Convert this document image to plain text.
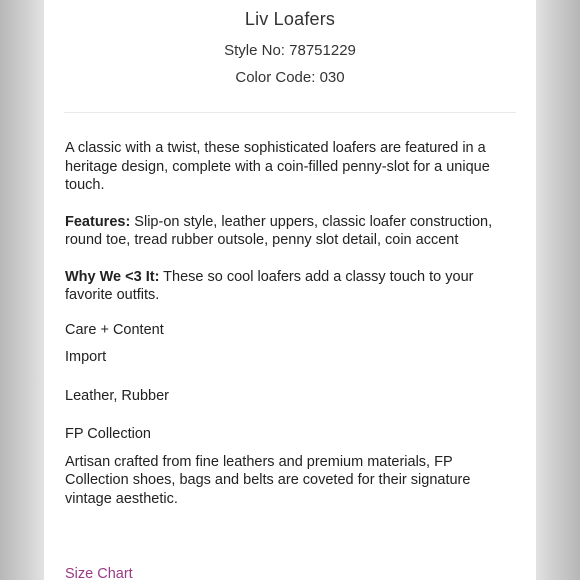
Liv Loafers
Style No: 78751229
Color Code: 030

A classic with a twist, these sophisticated loafers are featured in a heritage design, complete with a coin-filled penny-slot for a unique touch.

Features: Slip-on style, leather uppers, classic loafer construction, round toe, tread rubber outsole, penny slot detail, coin accent

Why We <3 It: These so cool loafers add a classy touch to your favorite outfits.

Care + Content

Import

Leather, Rubber

FP Collection

Artisan crafted from fine leathers and premium materials, FP Collection shoes, bags and belts are coveted for their signature vintage aesthetic.

Size Chart
